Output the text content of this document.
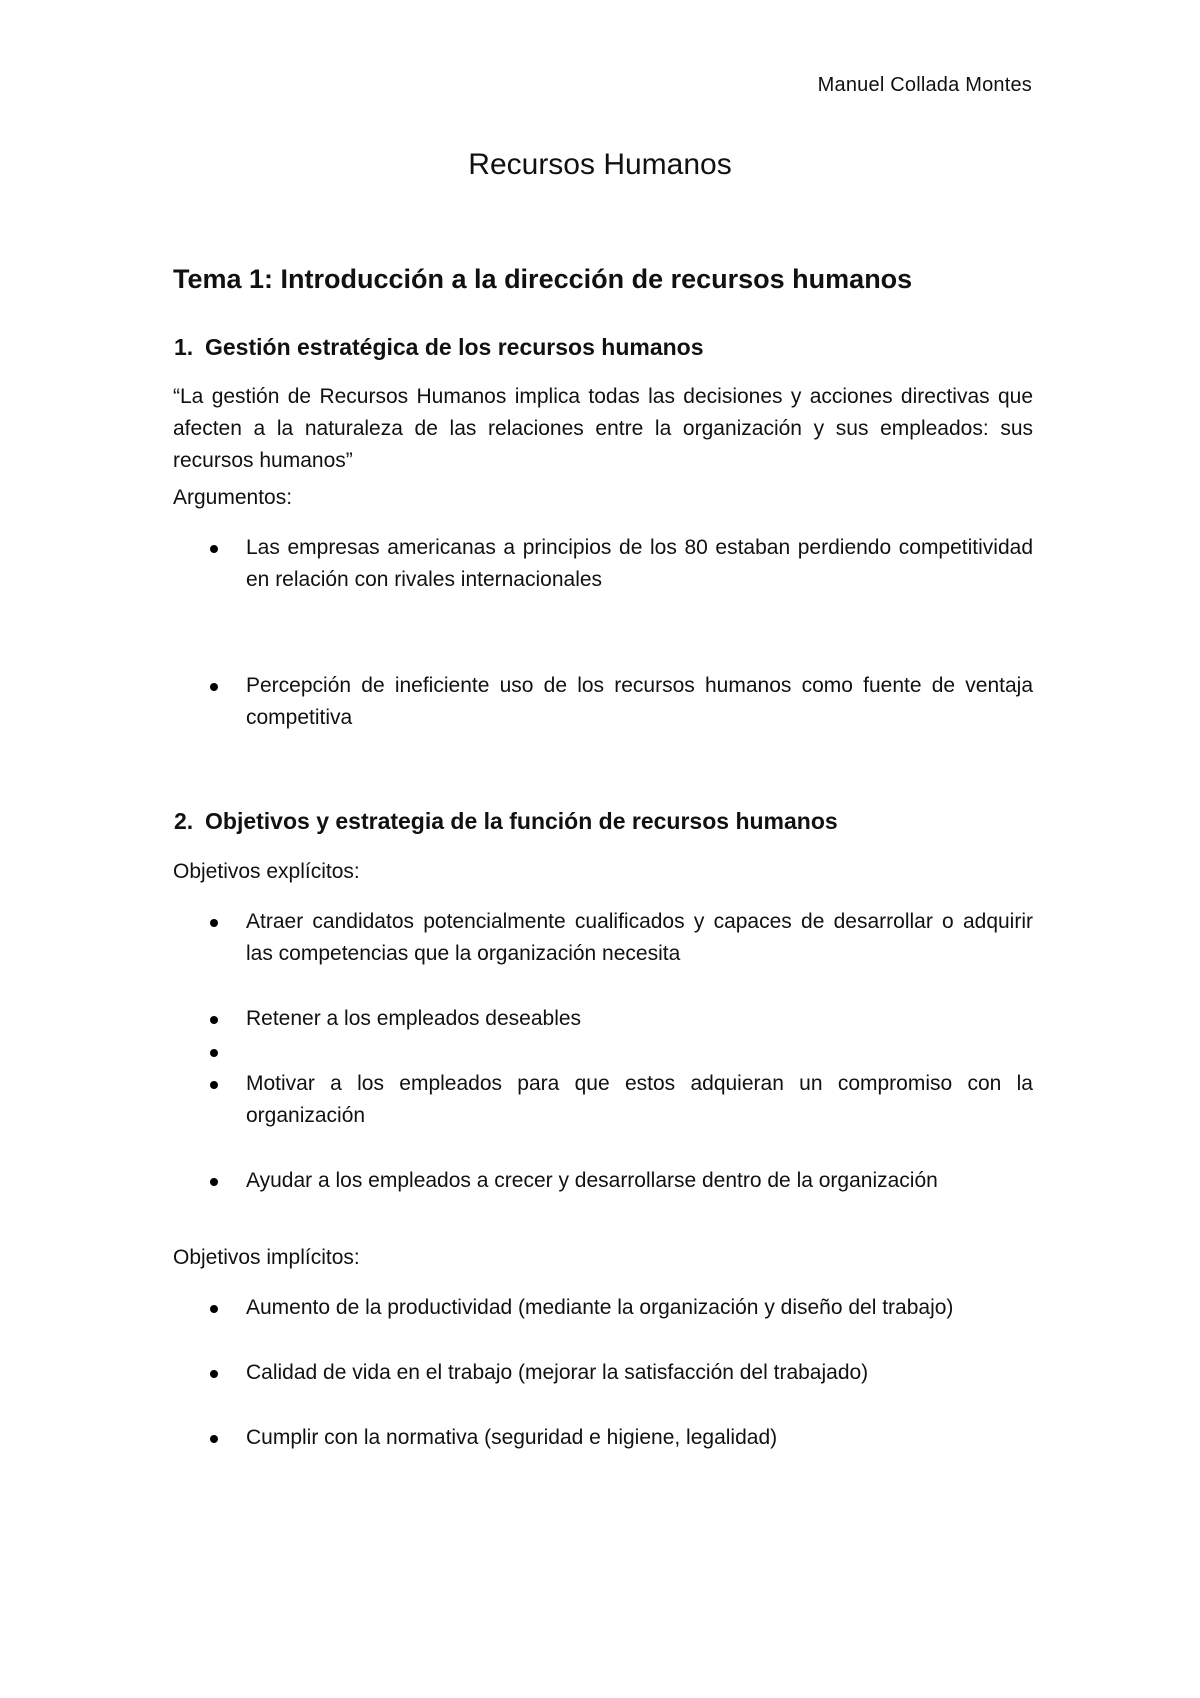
Manuel Collada Montes
Recursos Humanos
Tema 1: Introducción a la dirección de recursos humanos
1. Gestión estratégica de los recursos humanos
“La gestión de Recursos Humanos implica todas las decisiones y acciones directivas que afecten a la naturaleza de las relaciones entre la organización y sus empleados: sus recursos humanos”
Argumentos:
Las empresas americanas a principios de los 80 estaban perdiendo competitividad en relación con rivales internacionales
Percepción de ineficiente uso de los recursos humanos como fuente de ventaja competitiva
2. Objetivos y estrategia de la función de recursos humanos
Objetivos explícitos:
Atraer candidatos potencialmente cualificados y capaces de desarrollar o adquirir las competencias que la organización necesita
Retener a los empleados deseables
Motivar a los empleados para que estos adquieran un compromiso con la organización
Ayudar a los empleados a crecer y desarrollarse dentro de la organización
Objetivos implícitos:
Aumento de la productividad (mediante la organización y diseño del trabajo)
Calidad de vida en el trabajo (mejorar la satisfacción del trabajado)
Cumplir con la normativa (seguridad e higiene, legalidad)
